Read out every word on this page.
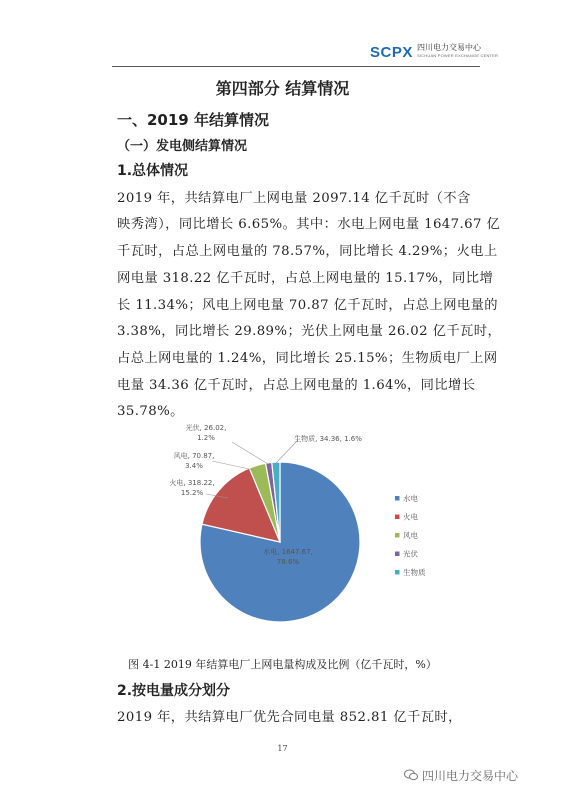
SCPX 四川电力交易中心
SICHUAN POWER EXCHANGE CENTER
第四部分 结算情况
一、2019 年结算情况
（一）发电侧结算情况
1.总体情况
2019 年，共结算电厂上网电量 2097.14 亿千瓦时（不含
映秀湾），同比增长 6.65%。其中：水电上网电量 1647.67 亿
千瓦时，占总上网电量的 78.57%，同比增长 4.29%；火电上
网电量 318.22 亿千瓦时，占总上网电量的 15.17%，同比增
长 11.34%；风电上网电量 70.87 亿千瓦时，占总上网电量的
3.38%，同比增长 29.89%；光伏上网电量 26.02 亿千瓦时，
占总上网电量的 1.24%，同比增长 25.15%；生物质电厂上网
电量 34.36 亿千瓦时，占总上网电量的 1.64%，同比增长
35.78%。
水电, 1647.67, 78.6%
火电, 318.22, 15.2%
风电, 70.87, 3.4%
光伏, 26.02, 1.2%	生物质, 34.36, 1.6%
水电
火电
风电
光伏
生物质
图 4-1 2019 年结算电厂上网电量构成及比例（亿千瓦时，%）
2.按电量成分划分
2019 年，共结算电厂优先合同电量 852.81 亿千瓦时，
17
四川电力交易中心
